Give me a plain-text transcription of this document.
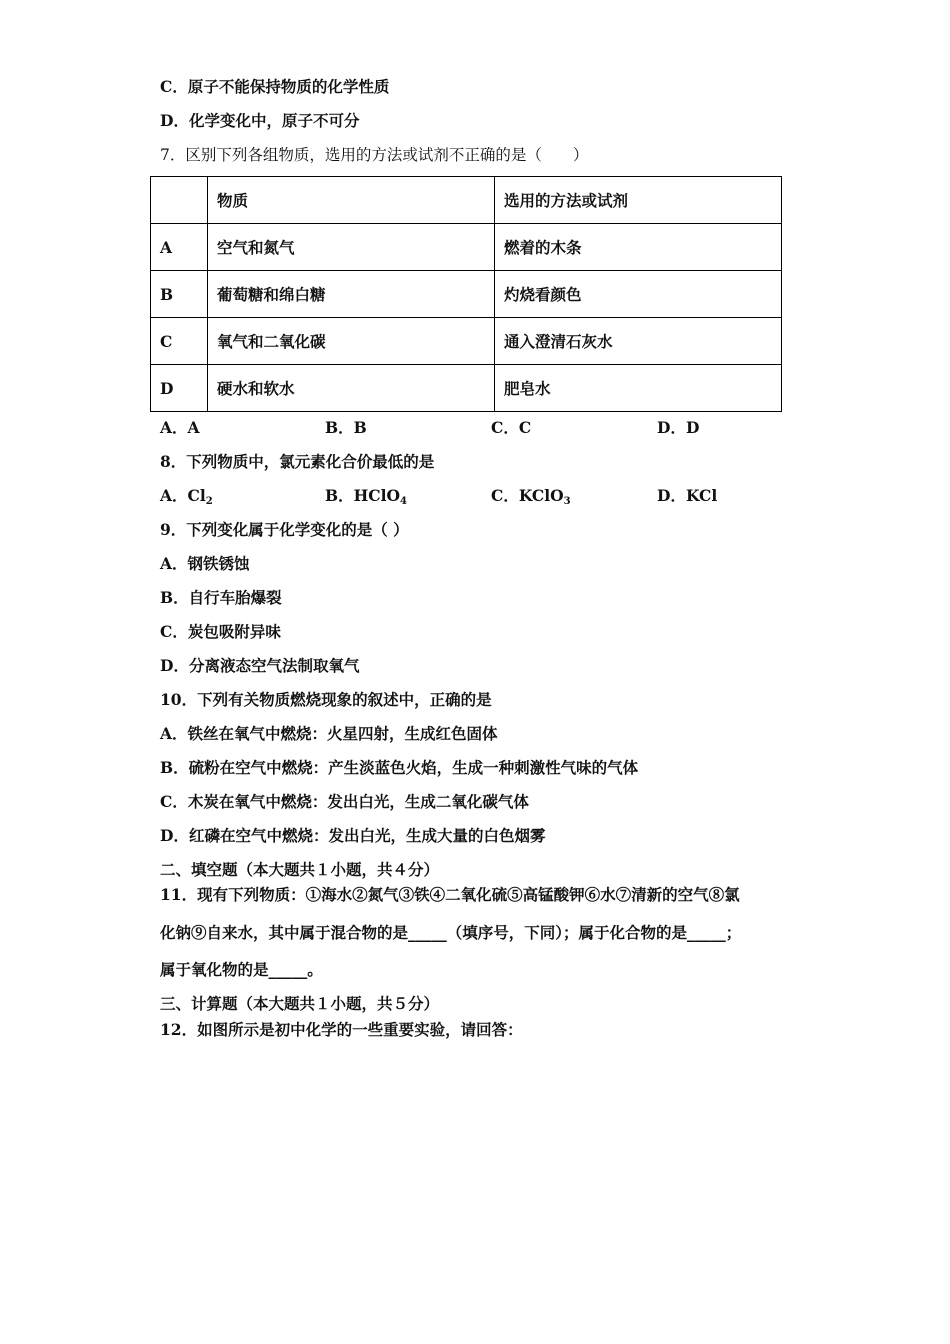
C．原子不能保持物质的化学性质
D．化学变化中，原子不可分
7．区别下列各组物质，选用的方法或试剂不正确的是（　　）
	物质	选用的方法或试剂
A	空气和氮气	燃着的木条
B	葡萄糖和绵白糖	灼烧看颜色
C	氧气和二氧化碳	通入澄清石灰水
D	硬水和软水	肥皂水
A．A	B．B	C．C	D．D
8．下列物质中，氯元素化合价最低的是
A．$Cl_2$	B．HClO$_4$	C．KClO$_3$	D．KCl
9．下列变化属于化学变化的是（ ）
A．钢铁锈蚀
B．自行车胎爆裂
C．炭包吸附异味
D．分离液态空气法制取氧气
10．下列有关物质燃烧现象的叙述中，正确的是
A．铁丝在氧气中燃烧：火星四射，生成红色固体
B．硫粉在空气中燃烧：产生淡蓝色火焰，生成一种刺激性气味的气体
C．木炭在氧气中燃烧：发出白光，生成二氧化碳气体
D．红磷在空气中燃烧：发出白光，生成大量的白色烟雾
二、填空题（本大题共１小题，共４分）
11．现有下列物质：①海水②氮气③铁④二氧化硫⑤高锰酸钾⑥水⑦清新的空气⑧氯
化钠⑨自来水，其中属于混合物的是_____（填序号，下同）；属于化合物的是_____；
属于氧化物的是_____。
三、计算题（本大题共１小题，共５分）
12．如图所示是初中化学的一些重要实验，请回答：
